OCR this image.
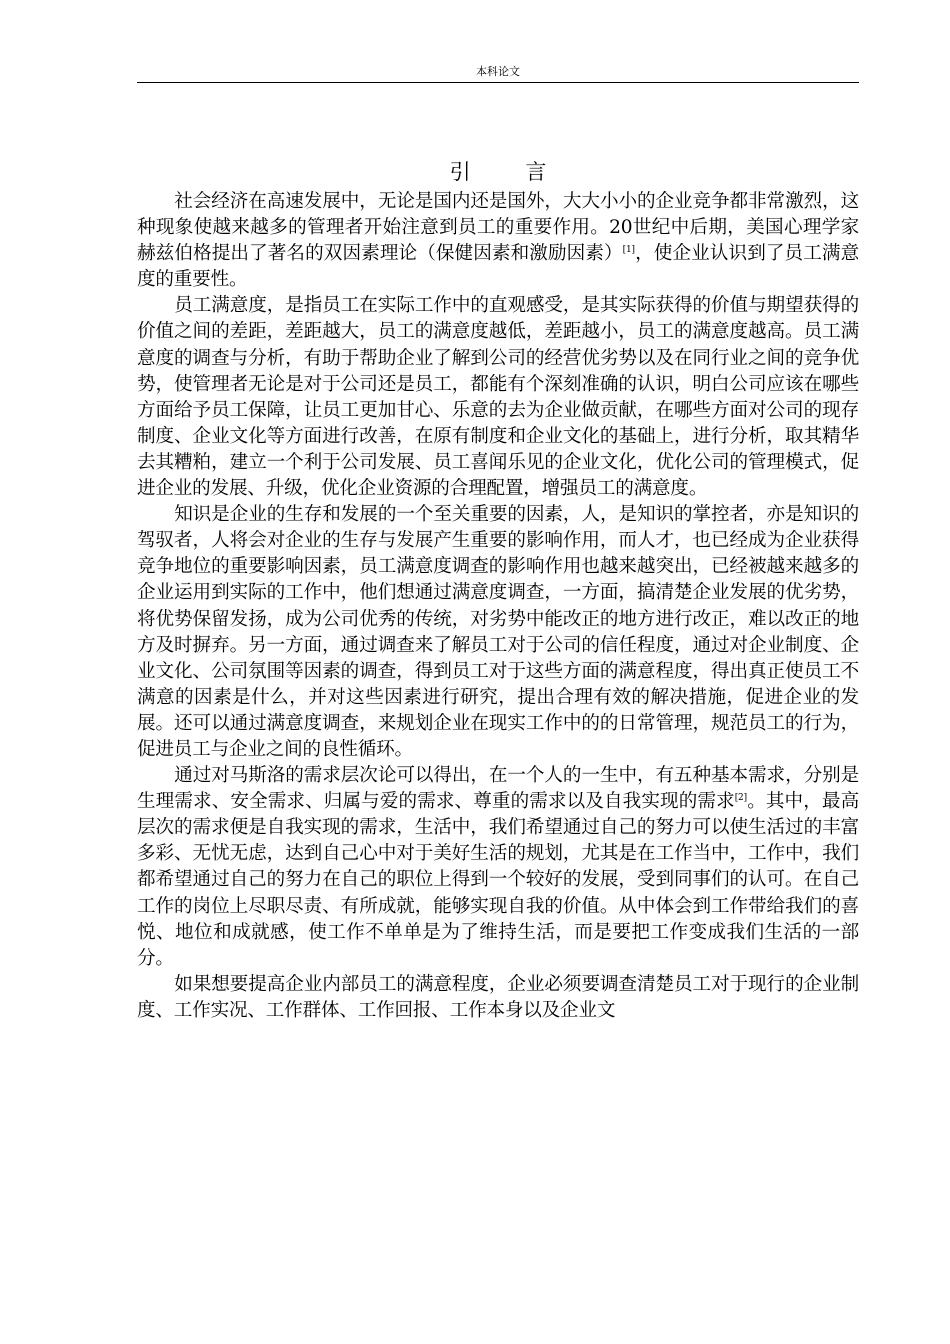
本科论文
引 言

社会经济在高速发展中，无论是国内还是国外，大大小小的企业竞争都非常激烈，这种现象使越来越多的管理者开始注意到员工的重要作用。20世纪中后期，美国心理学家赫兹伯格提出了著名的双因素理论（保健因素和激励因素）[1]，使企业认识到了员工满意度的重要性。

员工满意度，是指员工在实际工作中的直观感受，是其实际获得的价值与期望获得的价值之间的差距，差距越大，员工的满意度越低，差距越小，员工的满意度越高。员工满意度的调查与分析，有助于帮助企业了解到公司的经营优劣势以及在同行业之间的竞争优势，使管理者无论是对于公司还是员工，都能有个深刻准确的认识，明白公司应该在哪些方面给予员工保障，让员工更加甘心、乐意的去为企业做贡献，在哪些方面对公司的现存制度、企业文化等方面进行改善，在原有制度和企业文化的基础上，进行分析，取其精华去其糟粕，建立一个利于公司发展、员工喜闻乐见的企业文化，优化公司的管理模式，促进企业的发展、升级，优化企业资源的合理配置，增强员工的满意度。

知识是企业的生存和发展的一个至关重要的因素，人，是知识的掌控者，亦是知识的驾驭者，人将会对企业的生存与发展产生重要的影响作用，而人才，也已经成为企业获得竞争地位的重要影响因素，员工满意度调查的影响作用也越来越突出，已经被越来越多的企业运用到实际的工作中，他们想通过满意度调查，一方面，搞清楚企业发展的优劣势，将优势保留发扬，成为公司优秀的传统，对劣势中能改正的地方进行改正，难以改正的地方及时摒弃。另一方面，通过调查来了解员工对于公司的信任程度，通过对企业制度、企业文化、公司氛围等因素的调查，得到员工对于这些方面的满意程度，得出真正使员工不满意的因素是什么，并对这些因素进行研究，提出合理有效的解决措施，促进企业的发展。还可以通过满意度调查，来规划企业在现实工作中的的日常管理，规范员工的行为，促进员工与企业之间的良性循环。

通过对马斯洛的需求层次论可以得出，在一个人的一生中，有五种基本需求，分别是生理需求、安全需求、归属与爱的需求、尊重的需求以及自我实现的需求[2]。其中，最高层次的需求便是自我实现的需求，生活中，我们希望通过自己的努力可以使生活过的丰富多彩、无忧无虑，达到自己心中对于美好生活的规划，尤其是在工作当中，工作中，我们都希望通过自己的努力在自己的职位上得到一个较好的发展，受到同事们的认可。在自己工作的岗位上尽职尽责、有所成就，能够实现自我的价值。从中体会到工作带给我们的喜悦、地位和成就感，使工作不单单是为了维持生活，而是要把工作变成我们生活的一部分。

如果想要提高企业内部员工的满意程度，企业必须要调查清楚员工对于现行的企业制度、工作实况、工作群体、工作回报、工作本身以及企业文
